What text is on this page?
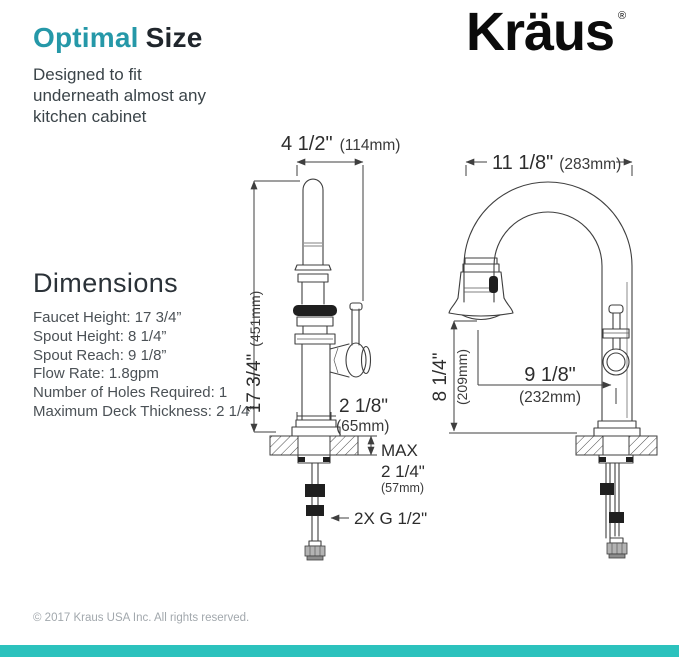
Optimal Size
Designed to fit
underneath almost any
kitchen cabinet
Kräus ®
Dimensions
Faucet Height: 17 3/4”
Spout Height: 8 1/4”
Spout Reach: 9 1/8”
Flow Rate: 1.8gpm
Number of Holes Required: 1
Maximum Deck Thickness: 2 1/4”
4 1/2" (114mm)
17 3/4"(451mm)
2 1/8"
(65mm)
MAX
2 1/4"
(57mm)
2X G 1/2"
11 1/8" (283mm)
8 1/4" (209mm)	9 1/8"
(232mm)
© 2017 Kraus USA Inc. All rights reserved.
